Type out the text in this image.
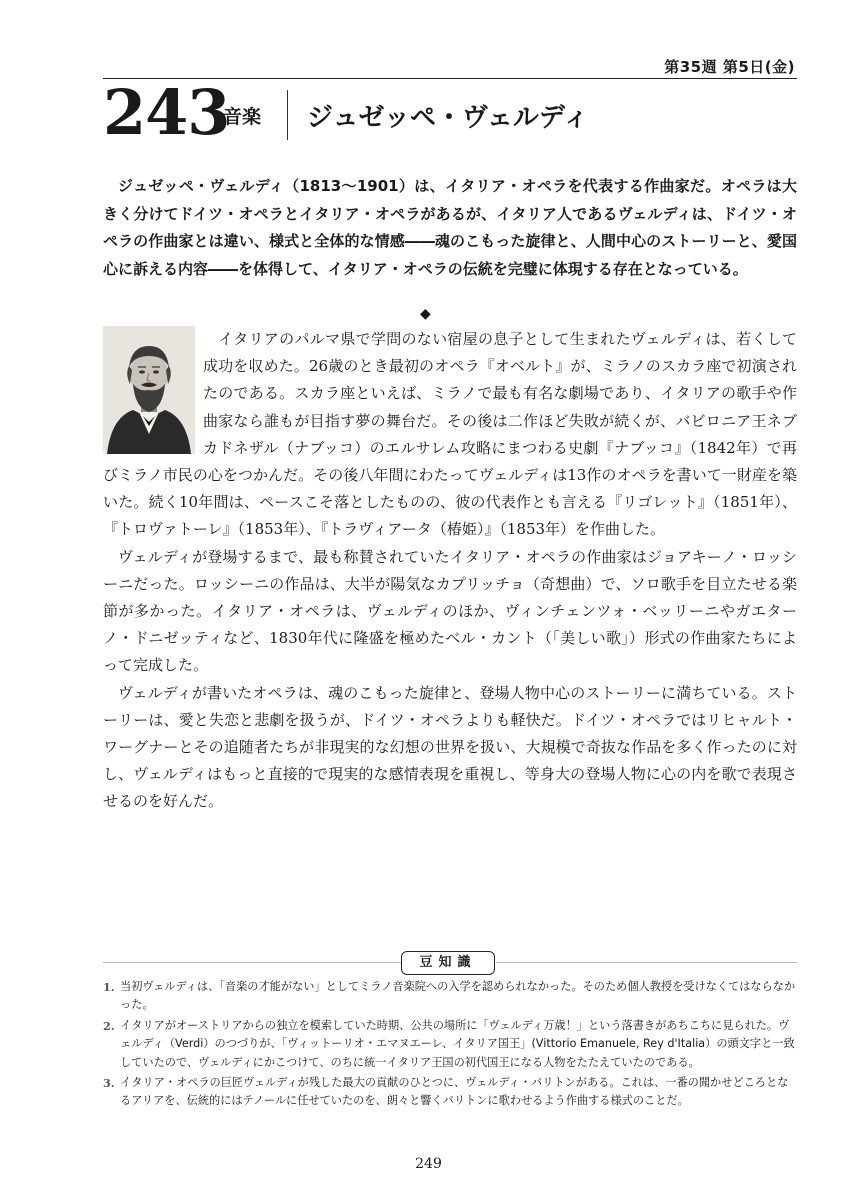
第35週 第5日(金)
243
音楽 ジュゼッペ・ヴェルディ

ジュゼッペ・ヴェルディ（1813〜1901）は、イタリア・オペラを代表する作曲家だ。オペラは大きく分けてドイツ・オペラとイタリア・オペラがあるが、イタリア人であるヴェルディは、ドイツ・オペラの作曲家とは違い、様式と全体的な情感――魂のこもった旋律と、人間中心のストーリーと、愛国心に訴える内容――を体得して、イタリア・オペラの伝統を完璧に体現する存在となっている。

◆

イタリアのパルマ県で学問のない宿屋の息子として生まれたヴェルディは、若くして成功を収めた。26歳のとき最初のオペラ『オベルト』が、ミラノのスカラ座で初演されたのである。スカラ座といえば、ミラノで最も有名な劇場であり、イタリアの歌手や作曲家なら誰もが目指す夢の舞台だ。その後は二作ほど失敗が続くが、バビロニア王ネブカドネザル（ナブッコ）のエルサレム攻略にまつわる史劇『ナブッコ』（1842年）で再びミラノ市民の心をつかんだ。その後八年間にわたってヴェルディは13作のオペラを書いて一財産を築いた。続く10年間は、ペースこそ落としたものの、彼の代表作とも言える『リゴレット』（1851年）、『トロヴァトーレ』（1853年）、『トラヴィアータ（椿姫）』（1853年）を作曲した。

ヴェルディが登場するまで、最も称賛されていたイタリア・オペラの作曲家はジョアキーノ・ロッシーニだった。ロッシーニの作品は、大半が陽気なカプリッチョ（奇想曲）で、ソロ歌手を目立たせる楽節が多かった。イタリア・オペラは、ヴェルディのほか、ヴィンチェンツォ・ベッリーニやガエターノ・ドニゼッティなど、1830年代に隆盛を極めたベル・カント（「美しい歌」）形式の作曲家たちによって完成した。

ヴェルディが書いたオペラは、魂のこもった旋律と、登場人物中心のストーリーに満ちている。ストーリーは、愛と失恋と悲劇を扱うが、ドイツ・オペラよりも軽快だ。ドイツ・オペラではリヒャルト・ワーグナーとその追随者たちが非現実的な幻想の世界を扱い、大規模で奇抜な作品を多く作ったのに対し、ヴェルディはもっと直接的で現実的な感情表現を重視し、等身大の登場人物に心の内を歌で表現させるのを好んだ。

豆知識
1. 当初ヴェルディは、「音楽の才能がない」としてミラノ音楽院への入学を認められなかった。そのため個人教授を受けなくてはならなかった。
2. イタリアがオーストリアからの独立を模索していた時期、公共の場所に「ヴェルディ万歳！」という落書きがあちこちに見られた。ヴェルディ（Verdi）のつづりが、「ヴィットーリオ・エマヌエーレ、イタリア国王」(Vittorio Emanuele, Rey d'Italia）の頭文字と一致していたので、ヴェルディにかこつけて、のちに統一イタリア王国の初代国王になる人物をたたえていたのである。
3. イタリア・オペラの巨匠ヴェルディが残した最大の貢献のひとつに、ヴェルディ・バリトンがある。これは、一番の聞かせどころとなるアリアを、伝統的にはテノールに任せていたのを、朗々と響くバリトンに歌わせるよう作曲する様式のことだ。
249
